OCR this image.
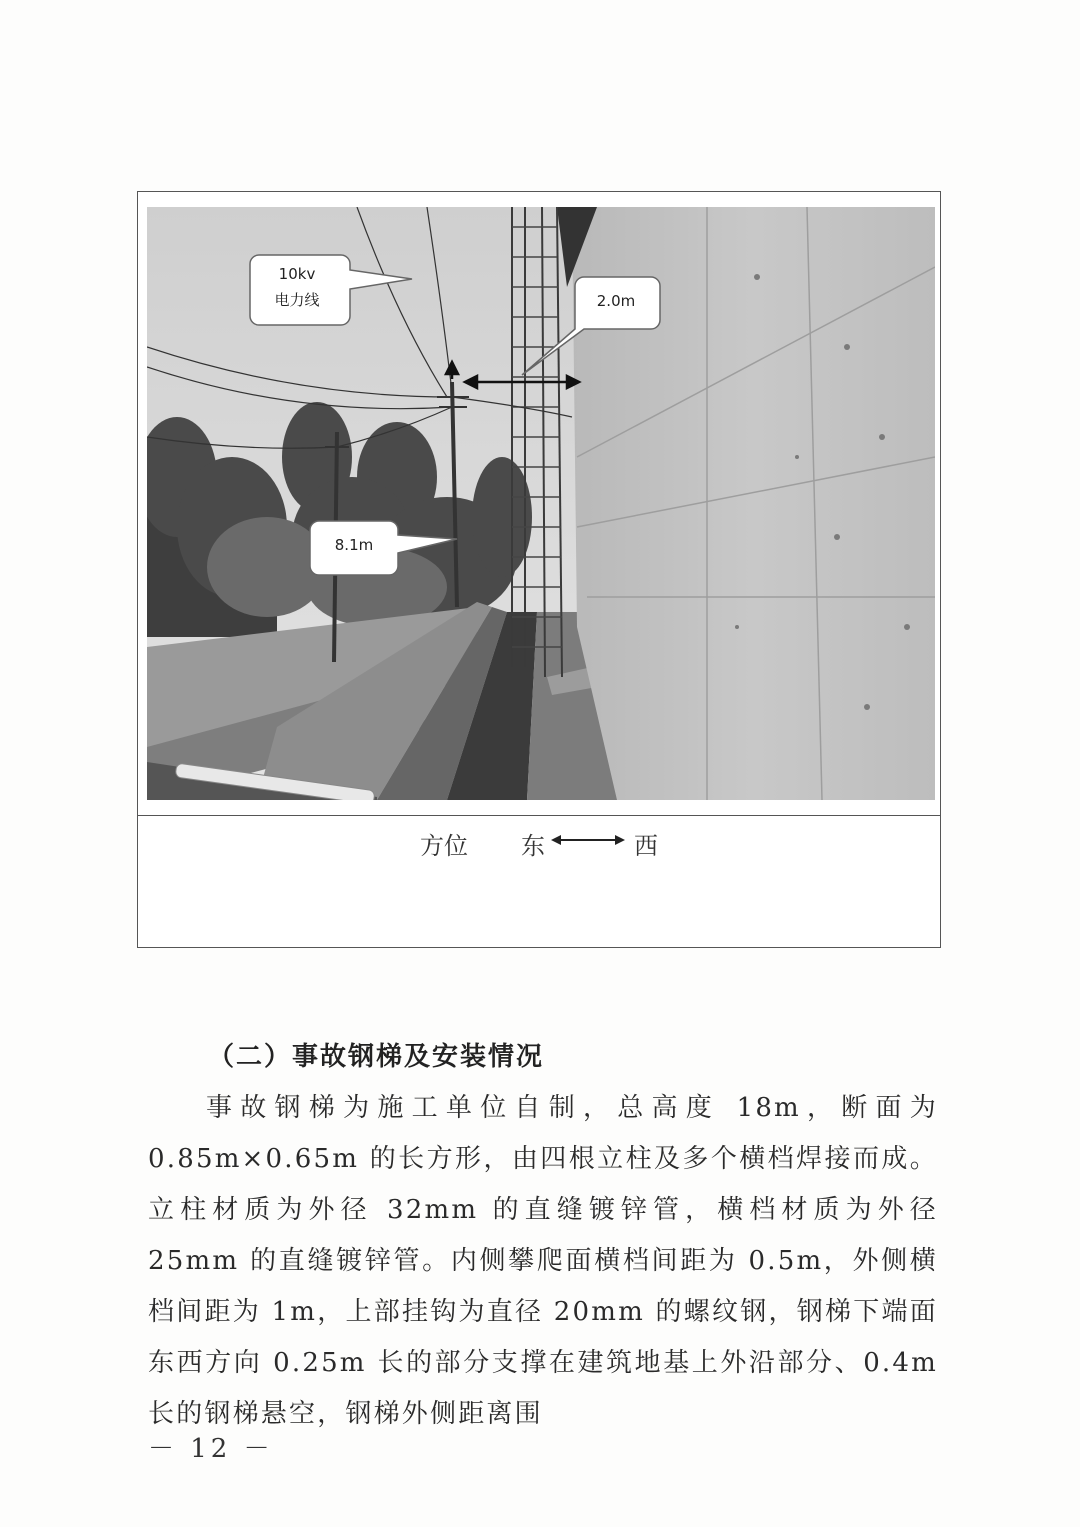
10kv
电力线	2.0m
8.1m
方位 东	西
（二）事故钢梯及安装情况

事故钢梯为施工单位自制，总高度 18m，断面为 0.85m×0.65m 的长方形，由四根立柱及多个横档焊接而成。立柱材质为外径 32mm 的直缝镀锌管，横档材质为外径 25mm 的直缝镀锌管。内侧攀爬面横档间距为 0.5m，外侧横档间距为 1m，上部挂钩为直径 20mm 的螺纹钢，钢梯下端面东西方向 0.25m 长的部分支撑在建筑地基上外沿部分、0.4m 长的钢梯悬空，钢梯外侧距离围

－ 12 －
